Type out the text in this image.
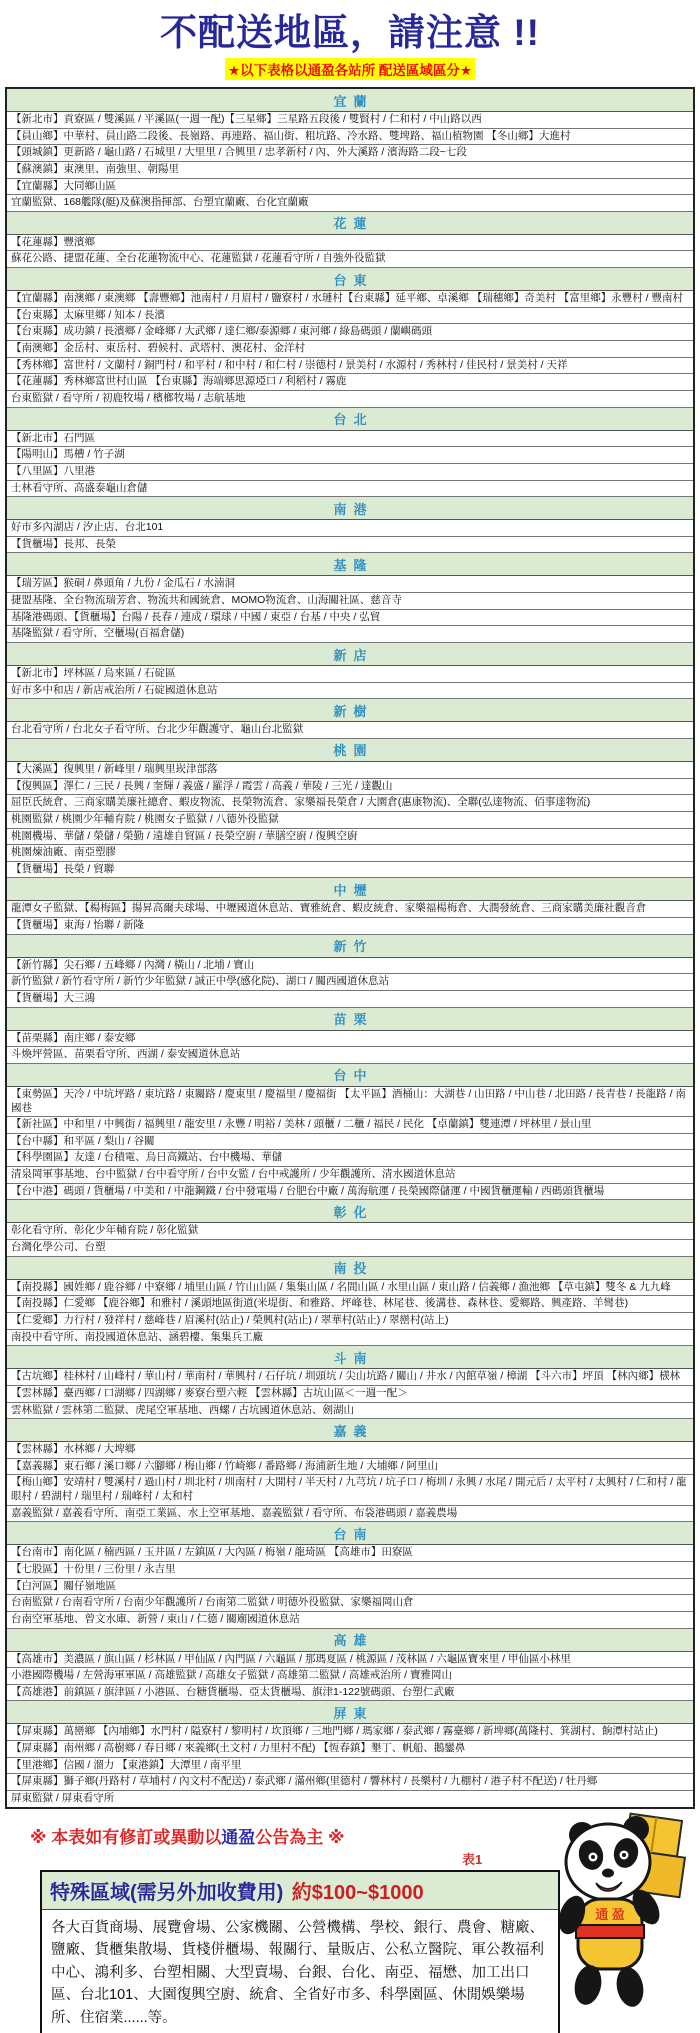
不配送地區，請注意 !!
★以下表格以通盈各站所 配送區域區分★
宜蘭
【新北市】貢寮區 / 雙溪區 / 平溪區(一週一配)【三星鄉】三星路五段後 / 雙賢村 / 仁和村 / 中山路以西
【員山鄉】中華村、員山路二段後、長嶺路、再連路、福山街、粗坑路、冷水路、雙埤路、福山植物園 【冬山鄉】大進村
【頭城鎮】更新路 / 龜山路 / 石城里 / 大里里 / 合興里 / 忠孝新村 / 內、外大溪路 / 濱海路二段~七段
【蘇澳鎮】東澳里、南強里、朝陽里
【宜蘭縣】大同鄉山區
宜蘭監獄、168艦隊(艇)及蘇澳指揮部、台塑宜蘭廠、台化宜蘭廠
花蓮
【花蓮縣】豐濱鄉
蘇花公路、捷盟花蓮、全台花蓮物流中心、花蓮監獄 / 花蓮看守所 / 自強外役監獄
台東
【宜蘭縣】南澳鄉 / 東澳鄉 【壽豐鄉】池南村 / 月眉村 / 鹽寮村 / 水璉村【台東縣】延平鄉、卓溪鄉 【瑞穗鄉】奇美村 【富里鄉】永豐村 / 豐南村
【台東縣】太麻里鄉 / 知本 / 長濱
【台東縣】成功鎮 / 長濱鄉 / 金峰鄉 / 大武鄉 / 達仁鄉/泰源鄉 / 東河鄉 / 綠島碼頭 / 蘭嶼碼頭
【南澳鄉】金岳村、東岳村、碧候村、武塔村、澳花村、金洋村
【秀林鄉】富世村 / 文蘭村 / 銅門村 / 和平村 / 和中村 / 和仁村 / 崇德村 / 景美村 / 水源村 / 秀林村 / 佳民村 / 景美村 / 天祥
【花蓮縣】秀林鄉富世村山區 【台東縣】海端鄉思源埡口 / 利稻村 / 霧鹿
台東監獄 / 看守所 / 初鹿牧場 / 檳榔牧場 / 志航基地
台北
【新北市】石門區
【陽明山】馬槽 / 竹子湖
【八里區】八里港
士林看守所、高盛泰龜山倉儲
南港
好市多內湖店 / 汐止店、台北101
【貨櫃場】長邦、長榮
基隆
【瑞芳區】猴硐 / 鼻頭角 / 九份 / 金瓜石 / 水湳洞
捷盟基隆、全台物流瑞芳倉、物流共和國統倉、MOMO物流倉、山海關社區、慈音寺
基隆港碼頭、【貨櫃場】台陽 / 長春 / 連成 / 環球 / 中國 / 東亞 / 台基 / 中央 / 弘貿
基隆監獄 / 看守所、空櫃場(百福倉儲)
新店
【新北市】坪林區 / 烏來區 / 石碇區
好市多中和店 / 新店戒治所 / 石碇國道休息站
新樹
台北看守所 / 台北女子看守所、台北少年觀護守、龜山台北監獄
桃園
【大溪區】復興里 / 新峰里 / 瑞興里崁津部落
【復興區】澤仁 / 三民 / 長興 / 奎輝 / 義盛 / 羅浮 / 霞雲 / 高義 / 華陵 / 三光 / 達觀山
屈臣氏統倉、三商家購美廉社總倉、蝦皮物流、長榮物流倉、家樂福長榮倉 / 大園倉(惠康物流)、全聯(弘達物流、佰事達物流)
桃園監獄 / 桃園少年輔育院 / 桃園女子監獄 / 八德外役監獄
桃園機場、華儲 / 榮儲 / 榮勤 / 遠雄自貿區 / 長榮空廚 / 華膳空廚 / 復興空廚
桃園煉油廠、南亞塑膠
【貨櫃場】長榮 / 貿聯
中壢
龍潭女子監獄、【楊梅區】揚昇高爾夫球場、中壢國道休息站、寶雅統倉、蝦皮統倉、家樂福楊梅倉、大潤發統倉、三商家購美廉社觀音倉
【貨櫃場】東海 / 怡聯 / 新隆
新竹
【新竹縣】尖石鄉 / 五峰鄉 / 內灣 / 橫山 / 北埔 / 寶山
新竹監獄 / 新竹看守所 / 新竹少年監獄 / 誠正中學(感化院)、湖口 / 關西國道休息站
【貨櫃場】大三鴻
苗栗
【苗栗縣】南庄鄉 / 泰安鄉
斗煥坪營區、苗栗看守所、西湖 / 泰安國道休息站
台中
【東勢區】天冷 / 中坑坪路 / 東坑路 / 東關路 / 慶東里 / 慶福里 / 慶福街 【太平區】酒桶山：大湖巷 / 山田路 / 中山巷 / 北田路 / 長青巷 / 長龍路 / 南國巷
【新社區】中和里 / 中興街 / 福興里 / 龍安里 / 永豐 / 明裕 / 美林 / 頭櫃 / 二櫃 / 福民 / 民化 【卓蘭鎮】雙連潭 / 坪林里 / 景山里
【台中縣】和平區 / 梨山 / 谷關
【科學園區】友達 / 台積電、烏日高鐵站、台中機場、華儲
清泉岡軍事基地、台中監獄 / 台中看守所 / 台中女監 / 台中戒護所 / 少年觀護所、清水國道休息站
【台中港】碼頭 / 貨櫃場 / 中美和 / 中龍鋼鐵 / 台中發電場 / 台肥台中廠 / 萬海航運 / 長榮國際儲運 / 中國貨櫃運輸 / 西碼頭貨櫃場
彰化
彰化看守所、彰化少年輔育院 / 彰化監獄
台灣化學公司、台塑
南投
【南投縣】國姓鄉 / 鹿谷鄉 / 中寮鄉 / 埔里山區 / 竹山山區 / 集集山區 / 名間山區 / 水里山區 / 東山路 / 信義鄉 / 漁池鄉 【草屯鎮】雙冬 & 九九峰
【南投縣】仁愛鄉 【鹿谷鄉】和雅村 / 溪頭地區街道(米堤街、和雅路、坪峰巷、林尾巷、後溝巷、森林巷、愛鄉路、興產路、羊彎巷)
【仁愛鄉】力行村 / 發祥村 / 慈峰巷 / 眉溪村(站止) / 榮興村(站止) / 翠華村(站止) / 翠巒村(站上)
南投中看守所、南投國道休息站、涵碧樓、集集兵工廠
斗南
【古坑鄉】桂林村 / 山峰村 / 華山村 / 華南村 / 華興村 / 石仔坑 / 圳頭坑 / 尖山坑路 / 關山 / 井水 / 內館草嶺 / 樟湖 【斗六市】坪頂 【林內鄉】檨林
【雲林縣】臺西鄉 / 口湖鄉 / 四湖鄉 / 麥寮台塑六輕 【雲林縣】古坑山區＜一週一配＞
雲林監獄 / 雲林第二監獄、虎尾空軍基地、西螺 / 古坑國道休息站、劍湖山
嘉義
【雲林縣】水林鄉 / 大埤鄉
【嘉義縣】東石鄉 / 溪口鄉 / 六腳鄉 / 梅山鄉 / 竹崎鄉 / 番路鄉 / 海浦新生地 / 大埔鄉 / 阿里山
【梅山鄉】安靖村 / 雙溪村 / 過山村 / 圳北村 / 圳南村 / 大開村 / 半天村 / 九芎坑 / 坑子口 / 梅圳 / 永興 / 水尾 / 開元后 / 太平村 / 太興村 / 仁和村 / 龍眼村 / 碧湖村 / 瑞里村 / 瑞峰村 / 太和村
嘉義監獄 / 嘉義看守所、南亞工業區、水上空軍基地、嘉義監獄 / 看守所、布袋港碼頭 / 嘉義農場
台南
【台南市】南化區 / 楠西區 / 玉井區 / 左鎮區 / 大內區 / 梅嶺 / 龍琦區 【高雄市】田寮區
【七股區】十份里 / 三份里 / 永吉里
【白河區】關仔嶺地區
台南監獄 / 台南看守所 / 台南少年觀護所 / 台南第二監獄 / 明德外役監獄、家樂福岡山倉
台南空軍基地、曾文水庫、新營 / 東山 / 仁德 / 關廟國道休息站
高雄
【高雄市】美濃區 / 旗山區 / 杉林區 / 甲仙區 / 內門區 / 六龜區 / 那瑪夏區 / 桃源區 / 茂林區 / 六龜區寶來里 / 甲仙區小林里
小港國際機場 / 左營海軍軍區 / 高雄監獄 / 高雄女子監獄 / 高雄第二監獄 / 高雄戒治所 / 寶雅岡山
【高雄港】前鎮區 / 旗津區 / 小港區、台糖貨櫃場、亞太貨櫃場、旗津1-122號碼頭、台塑仁武廠
屏東
【屏東縣】萬巒鄉 【內埔鄉】水門村 / 隘寮村 / 黎明村 / 坎頂鄉 / 三地門鄉 / 瑪家鄉 / 泰武鄉 / 霧臺鄉 / 新埤鄉(萬隆村、箕湖村、餉潭村站止)
【屏東縣】南州鄉 / 高樹鄉 / 春日鄉 / 來義鄉(土文村 / 力里村不配) 【恆春鎮】墾丁、帆船、鵝鑾鼻
【里港鄉】信國 / 溜力 【東港鎮】大潭里 / 南平里
【屏東縣】獅子鄉(丹路村 / 草埔村 / 內文村不配送) / 泰武鄉 / 滿州鄉(里德村 / 響林村 / 長樂村 / 九棚村 / 港子村不配送) / 牡丹鄉
屏東監獄 / 屏東看守所
※ 本表如有修訂或異動以通盈公告為主 ※
表1
特殊區域(需另外加收費用) 約$100~$1000
各大百貨商場、展覽會場、公家機關、公營機構、學校、銀行、農會、糖廠、鹽廠、貨櫃集散場、貨棧併櫃場、報關行、量販店、公私立醫院、軍公教福利中心、鴻利多、台塑相關、大型賣場、台銀、台化、南亞、福懋、加工出口區、台北101、大園復興空廚、統倉、全省好市多、科學園區、休閒娛樂場所、住宿業......等。
通 盈
